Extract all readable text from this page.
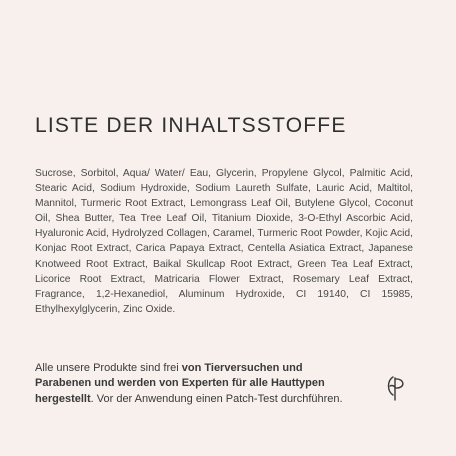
LISTE DER INHALTSSTOFFE

Sucrose, Sorbitol, Aqua/ Water/ Eau, Glycerin, Propylene Glycol, Palmitic Acid, Stearic Acid, Sodium Hydroxide, Sodium Laureth Sulfate, Lauric Acid, Maltitol, Mannitol, Turmeric Root Extract, Lemongrass Leaf Oil, Butylene Glycol, Coconut Oil, Shea Butter, Tea Tree Leaf Oil, Titanium Dioxide, 3-O-Ethyl Ascorbic Acid, Hyaluronic Acid, Hydrolyzed Collagen, Caramel, Turmeric Root Powder, Kojic Acid, Konjac Root Extract, Carica Papaya Extract, Centella Asiatica Extract, Japanese Knotweed Root Extract, Baikal Skullcap Root Extract, Green Tea Leaf Extract, Licorice Root Extract, Matricaria Flower Extract, Rosemary Leaf Extract, Fragrance, 1,2-Hexanediol, Aluminum Hydroxide, CI 19140, CI 15985, Ethylhexylglycerin, Zinc Oxide.

Alle unsere Produkte sind frei von Tierversuchen und Parabenen und werden von Experten für alle Hauttypen hergestellt. Vor der Anwendung einen Patch-Test durchführen.
